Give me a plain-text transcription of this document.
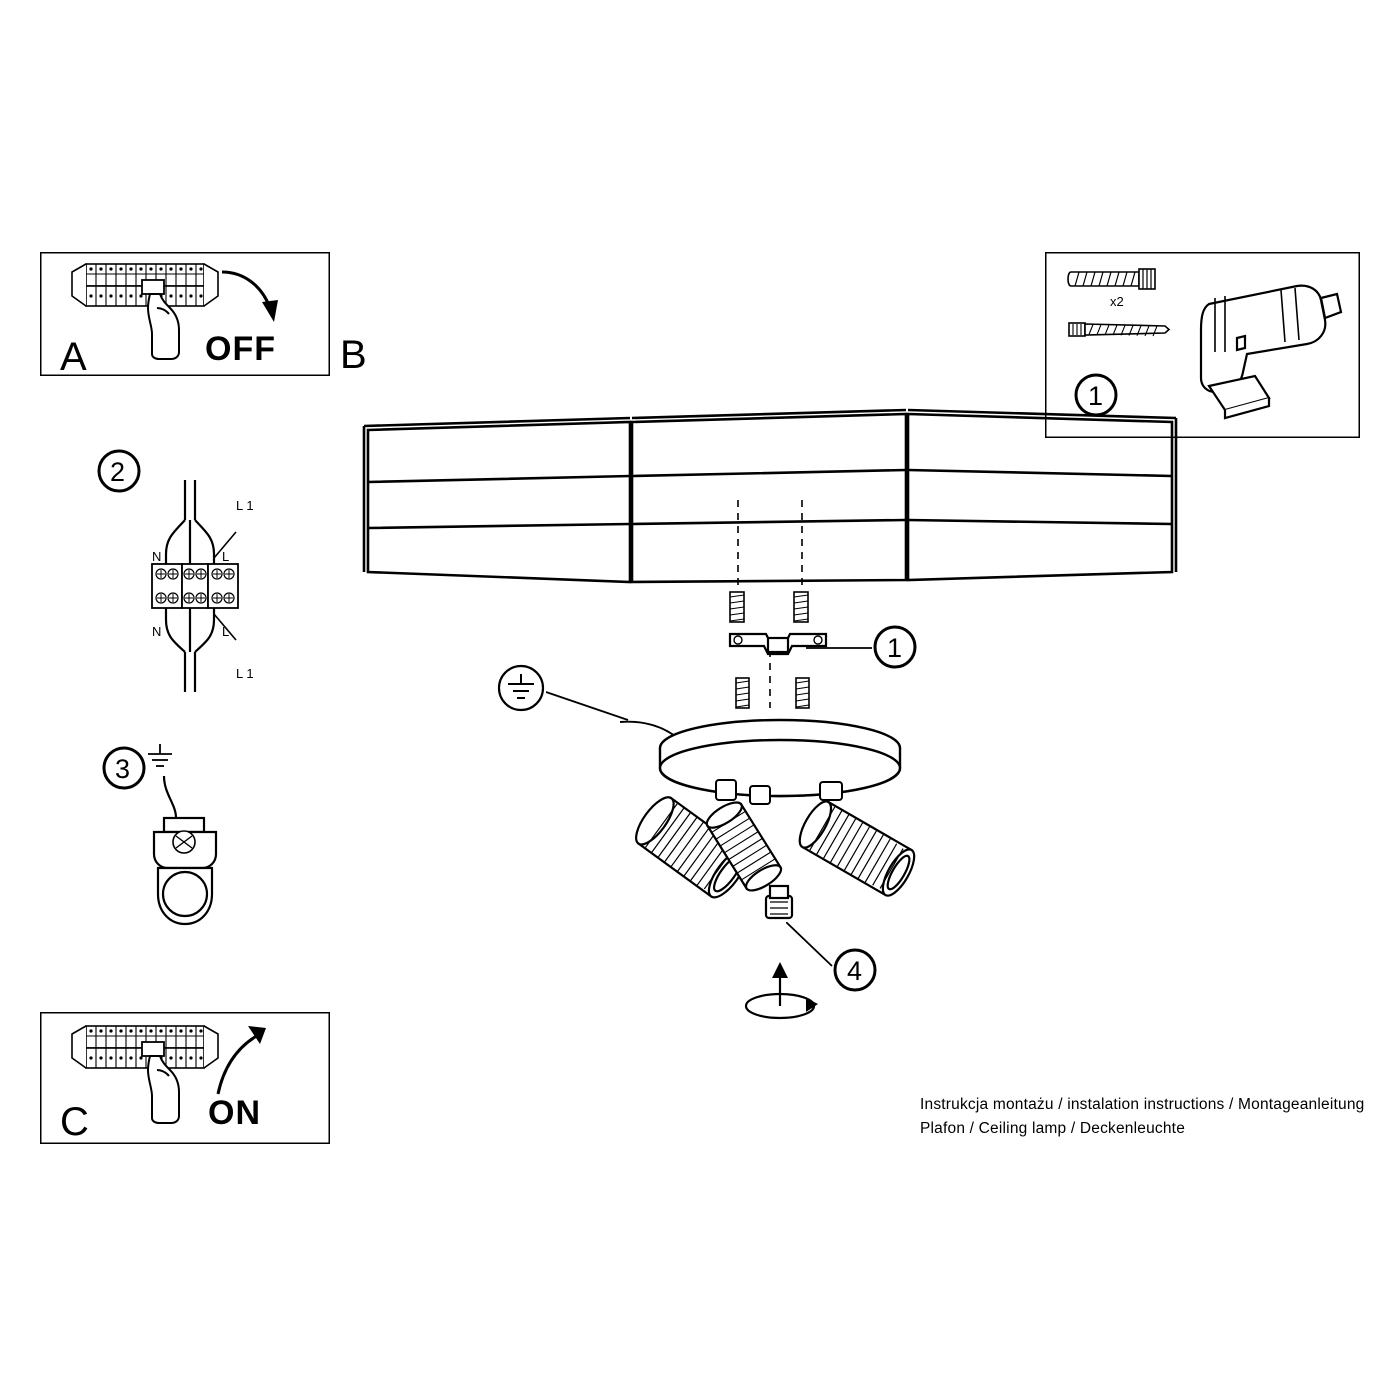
A	OFF B
x2
1
2
L 1
N	L
N	L
L 1
3
C	ON
1
4
Instrukcja montażu / instalation instructions / Montageanleitung
Plafon / Ceiling lamp / Deckenleuchte
